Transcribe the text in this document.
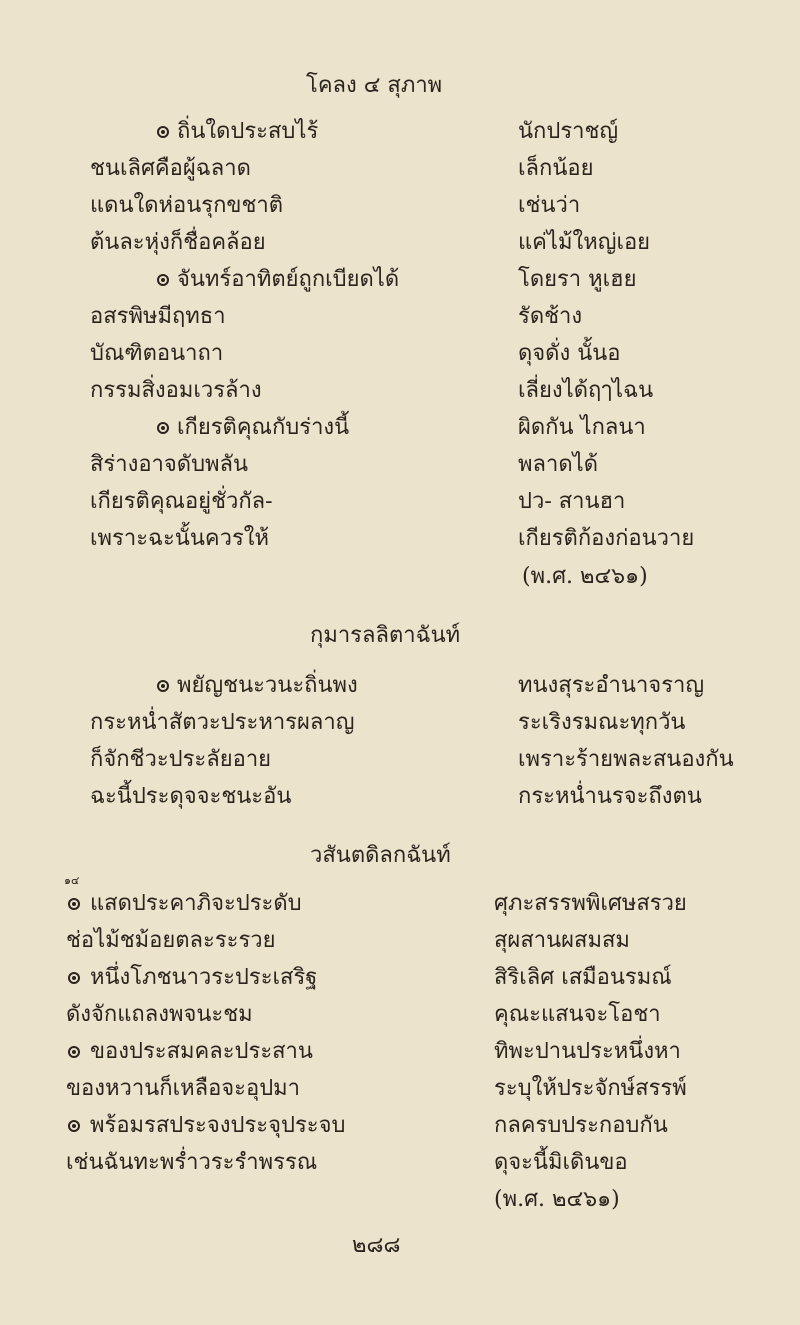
โคลง ๔ สุภาพ
ถิ่นใดประสบไร้
ชนเลิศคือผู้ฉลาด
แดนใดห่อนรุกขชาติ
ต้นละหุ่งก็ชื่อคล้อย
จันทร์อาทิตย์ถูกเบียดได้
อสรพิษมีฤทธา
บัณฑิตอนาถา
กรรมสิ่งอมเวรล้าง
เกียรติคุณกับร่างนี้
สิร่างอาจดับพลัน
เกียรติคุณอยู่ชั่วกัล-
เพราะฉะนั้นควรให้
นักปราชญ์
เล็กน้อย
เช่นว่า
แค่ไม้ใหญ่เอย
โดยรา หูเฮย
รัดช้าง
ดุจดั่ง นั้นอ
เลี่ยงได้ฤๅไฉน
ผิดกัน ไกลนา
พลาดได้
ปว- สานฮา
เกียรติก้องก่อนวาย
(พ.ศ. ๒๔๖๑)
กุมารลลิตาฉันท์
พยัญชนะวนะถิ่นพง
กระหน่ำสัตวะประหารผลาญ
ก็จักชีวะประลัยอาย
ฉะนี้ประดุจจะชนะอัน
ทนงสุระอำนาจราญ
ระเริงรมณะทุกวัน
เพราะร้ายพละสนองกัน
กระหน่ำนรจะถึงตน
วสันตดิลกฉันท์
๑๔
แสดประคาภิจะประดับ
ช่อไม้ชม้อยตละระรวย
หนึ่งโภชนาวระประเสริฐ
ดังจักแถลงพจนะชม
ของประสมคละประสาน
ของหวานก็เหลือจะอุปมา
พร้อมรสประจงประจุประจบ
เช่นฉันทะพร่ำวระรำพรรณ
ศุภะสรรพพิเศษสรวย
สุผสานผสมสม
สิริเลิศ เสมือนรมณ์
คุณะแสนจะโอชา
ทิพะปานประหนึ่งหา
ระบุให้ประจักษ์สรรพ์
กลครบประกอบกัน
ดุจะนี้มิเดินขอ
(พ.ศ. ๒๔๖๑)
๒๘๘
